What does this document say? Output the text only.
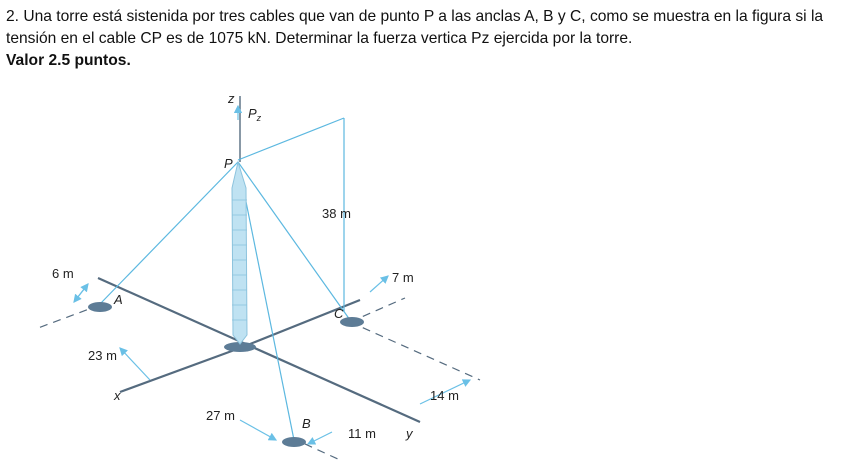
2. Una torre está sistenida por tres cables que van de punto P a las anclas A, B y C, como se muestra en la figura si la tensión en el cable CP es de 1075 kN. Determinar la fuerza vertica Pz ejercida por la torre.

Valor 2.5 puntos.

z
x
y
P
A
B
C
$P_z$
38 m
6 m
23 m
27 m
11 m
14 m
7 m
